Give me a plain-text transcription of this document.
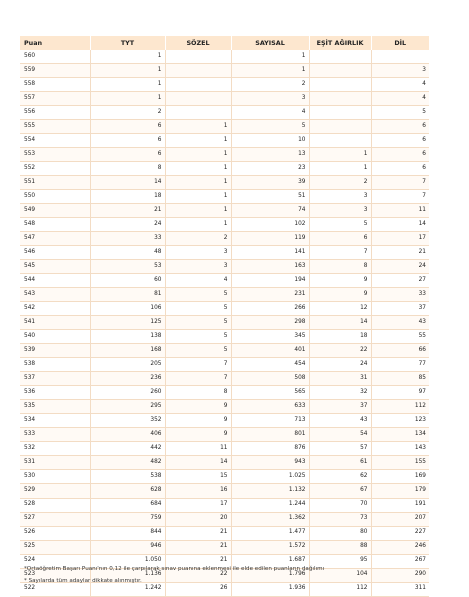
Puan	TYT	SÖZEL	SAYISAL	EŞİT AĞIRLIK	DİL
560	1		1		
559	1		1		3
558	1		2		4
557	1		3		4
556	2		4		5
555	6	1	5		6
554	6	1	10		6
553	6	1	13	1	6
552	8	1	23	1	6
551	14	1	39	2	7
550	18	1	51	3	7
549	21	1	74	3	11
548	24	1	102	5	14
547	33	2	119	6	17
546	48	3	141	7	21
545	53	3	163	8	24
544	60	4	194	9	27
543	81	5	231	9	33
542	106	5	266	12	37
541	125	5	298	14	43
540	138	5	345	18	55
539	168	5	401	22	66
538	205	7	454	24	77
537	236	7	508	31	85
536	260	8	565	32	97
535	295	9	633	37	112
534	352	9	713	43	123
533	406	9	801	54	134
532	442	11	876	57	143
531	482	14	943	61	155
530	538	15	1.025	62	169
529	628	16	1.132	67	179
528	684	17	1.244	70	191
527	759	20	1.362	73	207
526	844	21	1.477	80	227
525	946	21	1.572	88	246
524	1.050	21	1.687	95	267
523	1.136	22	1.796	104	290
522	1.242	26	1.936	112	311
*Ortaöğretim Başarı Puanı'nın 0,12 ile çarpılarak sınav puanına eklenmesi ile elde edilen puanların dağılımı
* Sayılarda tüm adaylar dikkate alınmıştır.
